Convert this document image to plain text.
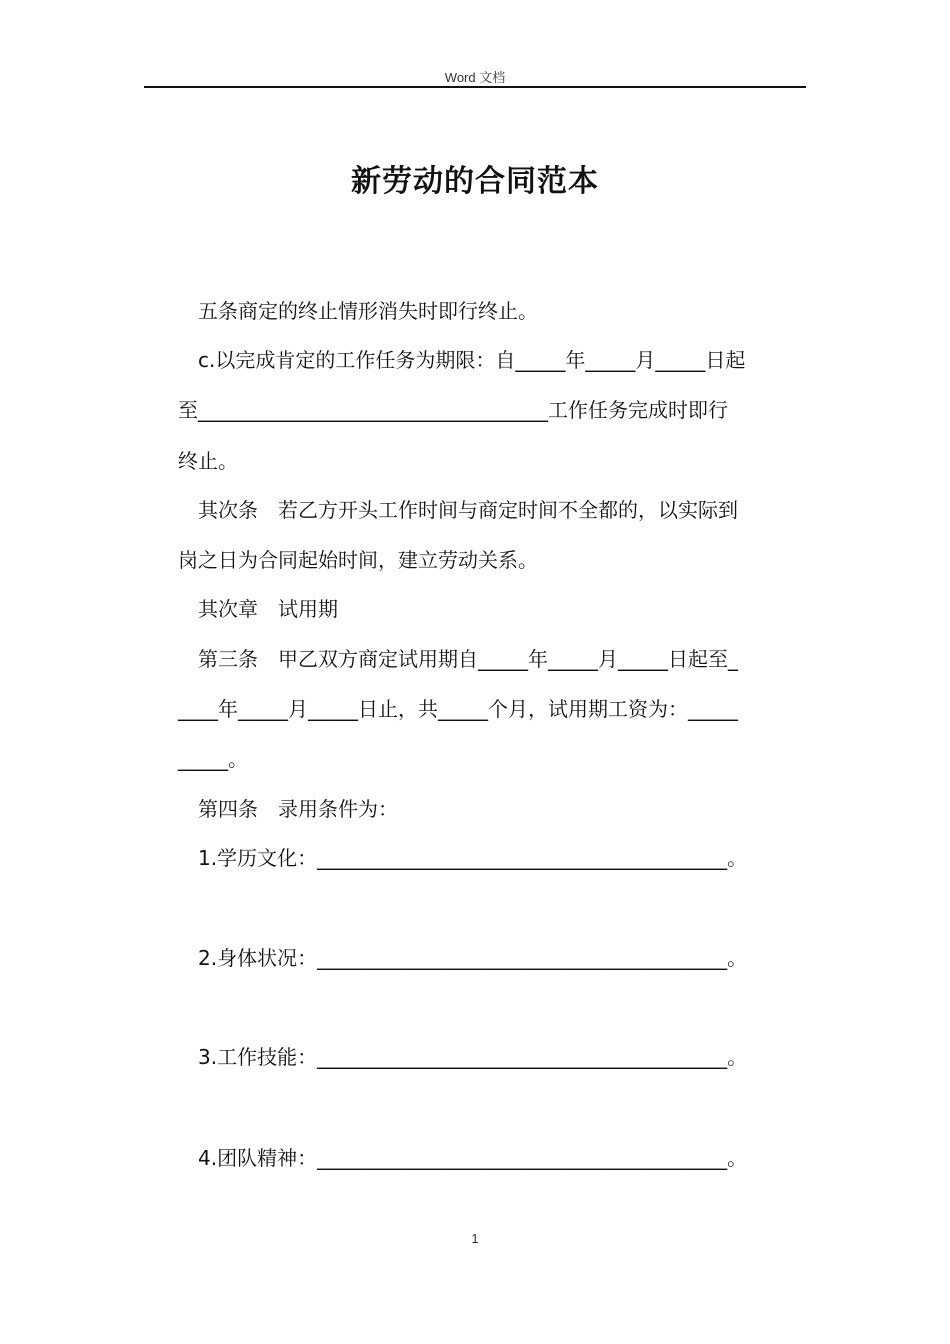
Word 文档
新劳动的合同范本
　五条商定的终止情形消失时即行终止。
　c.以完成肯定的工作任务为期限：自_____年_____月_____日起
至___________________________________工作任务完成时即行
终止。
　其次条　若乙方开头工作时间与商定时间不全都的，以实际到
岗之日为合同起始时间，建立劳动关系。
　其次章　试用期
　第三条　甲乙双方商定试用期自_____年_____月_____日起至_
____年_____月_____日止，共_____个月，试用期工资为：_____
_____。
　第四条　录用条件为：
　1.学历文化：_________________________________________。
　2.身体状况：_________________________________________。
　3.工作技能：_________________________________________。
　4.团队精神：_________________________________________。
1
